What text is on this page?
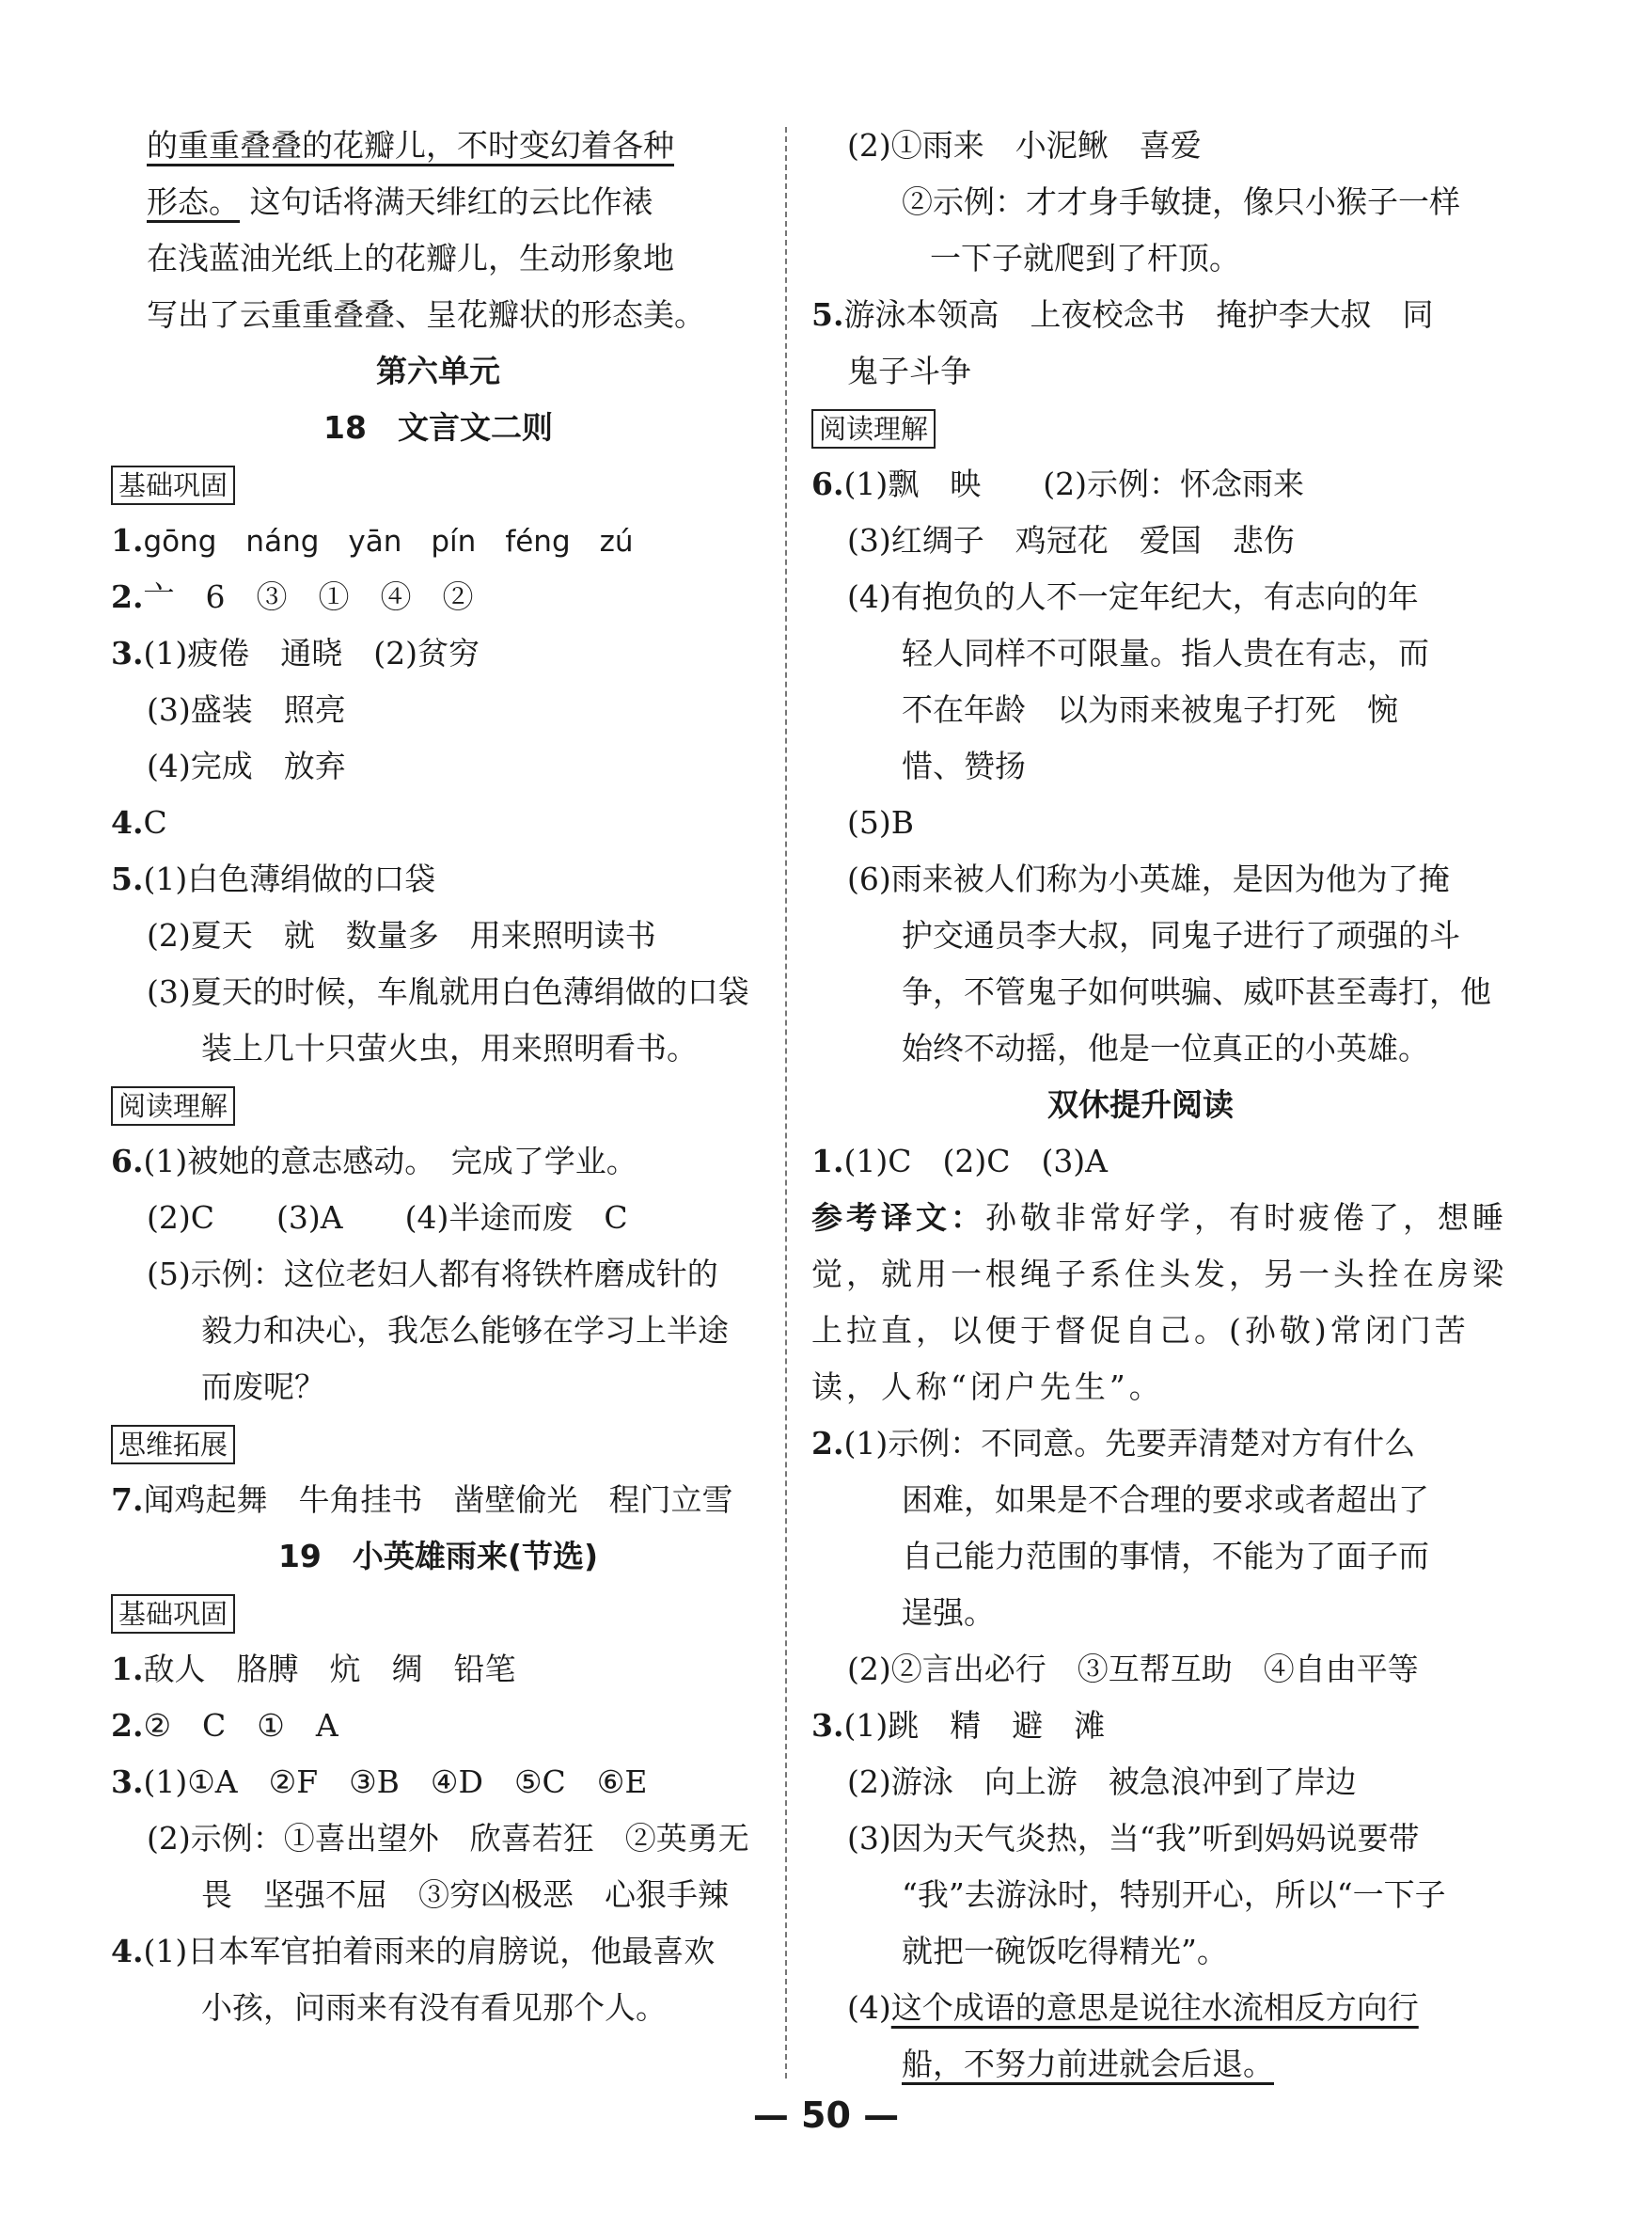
的重重叠叠的花瓣儿，不时变幻着各种
形态。 这句话将满天绯红的云比作裱
在浅蓝油光纸上的花瓣儿，生动形象地
写出了云重重叠叠、呈花瓣状的形态美。
第六单元
18　文言文二则
基础巩固
1.gōng　náng　yān　pín　féng　zú
2.亠　6　③　①　④　②
3.(1)疲倦　通晓　(2)贫穷
(3)盛装　照亮
(4)完成　放弃
4.C
5.(1)白色薄绢做的口袋
(2)夏天　就　数量多　用来照明读书
(3)夏天的时候，车胤就用白色薄绢做的口袋
装上几十只萤火虫，用来照明看书。
阅读理解
6.(1)被她的意志感动。　完成了学业。
(2)C　　(3)A　　(4)半途而废　C
(5)示例：这位老妇人都有将铁杵磨成针的
毅力和决心，我怎么能够在学习上半途
而废呢？
思维拓展
7.闻鸡起舞　牛角挂书　凿壁偷光　程门立雪
19　小英雄雨来(节选)
基础巩固
1.敌人　胳膊　炕　绸　铅笔
2.②　C　①　A
3.(1)①A　②F　③B　④D　⑤C　⑥E
(2)示例：①喜出望外　欣喜若狂　②英勇无
畏　坚强不屈　③穷凶极恶　心狠手辣
4.(1)日本军官拍着雨来的肩膀说，他最喜欢
小孩，问雨来有没有看见那个人。
(2)①雨来　小泥鳅　喜爱
②示例：才才身手敏捷，像只小猴子一样
一下子就爬到了杆顶。
5.游泳本领高　上夜校念书　掩护李大叔　同
鬼子斗争
阅读理解
6.(1)飘　映　　(2)示例：怀念雨来
(3)红绸子　鸡冠花　爱国　悲伤
(4)有抱负的人不一定年纪大，有志向的年
轻人同样不可限量。指人贵在有志，而
不在年龄　以为雨来被鬼子打死　惋
惜、赞扬
(5)B
(6)雨来被人们称为小英雄，是因为他为了掩
护交通员李大叔，同鬼子进行了顽强的斗
争，不管鬼子如何哄骗、威吓甚至毒打，他
始终不动摇，他是一位真正的小英雄。
双休提升阅读
1.(1)C　(2)C　(3)A
参考译文：孙敬非常好学，有时疲倦了，想睡
觉，就用一根绳子系住头发，另一头拴在房梁
上拉直，以便于督促自己。(孙敬)常闭门苦
读，人称“闭户先生”。
2.(1)示例：不同意。先要弄清楚对方有什么
困难，如果是不合理的要求或者超出了
自己能力范围的事情，不能为了面子而
逞强。
(2)②言出必行　③互帮互助　④自由平等
3.(1)跳　精　避　滩
(2)游泳　向上游　被急浪冲到了岸边
(3)因为天气炎热，当“我”听到妈妈说要带
“我”去游泳时，特别开心，所以“一下子
就把一碗饭吃得精光”。
(4)这个成语的意思是说往水流相反方向行
船，不努力前进就会后退。
— 50 —
